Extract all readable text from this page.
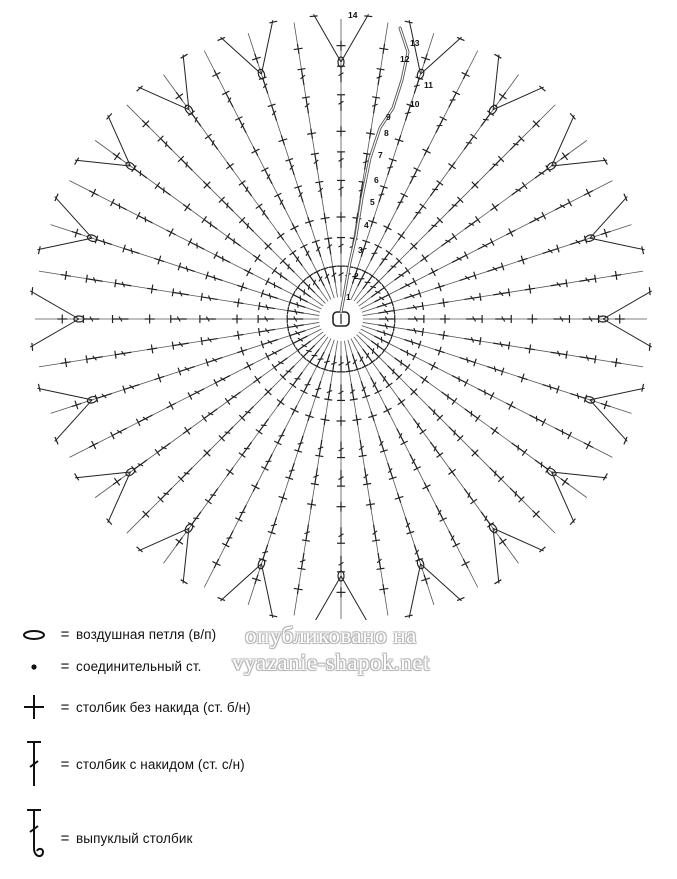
1
2
3
4
5
6
7
8
9
10
11
12
13
14
опубликовано на
vyazanie-shapok.net
= воздушная петля (в/п)
= соединительный ст.
= столбик без накида (ст. б/н)
= столбик с накидом (ст. с/н)
= выпуклый столбик
